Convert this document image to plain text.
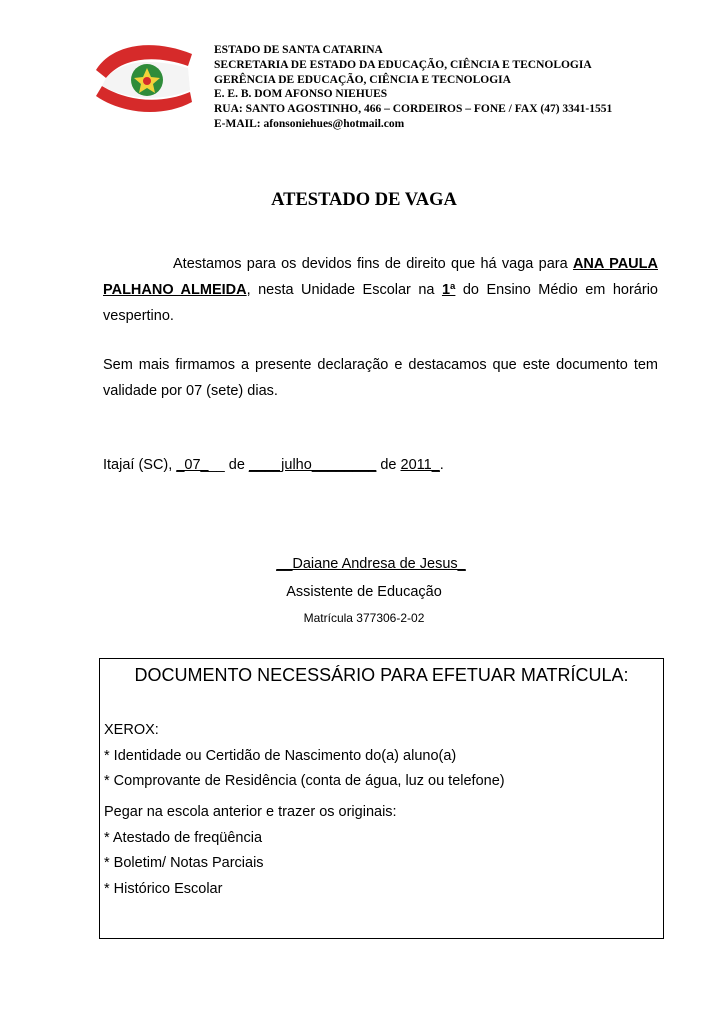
ESTADO DE SANTA CATARINA
SECRETARIA DE ESTADO DA EDUCAÇÃO, CIÊNCIA E TECNOLOGIA
GERÊNCIA DE EDUCAÇÃO, CIÊNCIA E TECNOLOGIA
E. E. B. DOM AFONSO NIEHUES
RUA: SANTO AGOSTINHO, 466 – CORDEIROS – FONE / FAX (47) 3341-1551
E-MAIL: afonsoniehues@hotmail.com
ATESTADO DE VAGA
Atestamos para os devidos fins de direito que há vaga para ANA PAULA PALHANO ALMEIDA, nesta Unidade Escolar na 1ª do Ensino Médio em horário vespertino.
Sem mais firmamos a presente declaração e destacamos que este documento tem validade por 07 (sete) dias.
Itajaí (SC), _07___ de ____julho________ de 2011_.
__Daiane Andresa de Jesus_
Assistente de Educação
Matrícula 377306-2-02
DOCUMENTO NECESSÁRIO PARA EFETUAR MATRÍCULA:
XEROX:
* Identidade ou Certidão de Nascimento do(a) aluno(a)
* Comprovante de Residência (conta de água, luz ou telefone)
Pegar na escola anterior e trazer os originais:
* Atestado de freqüência
* Boletim/ Notas Parciais
* Histórico Escolar
